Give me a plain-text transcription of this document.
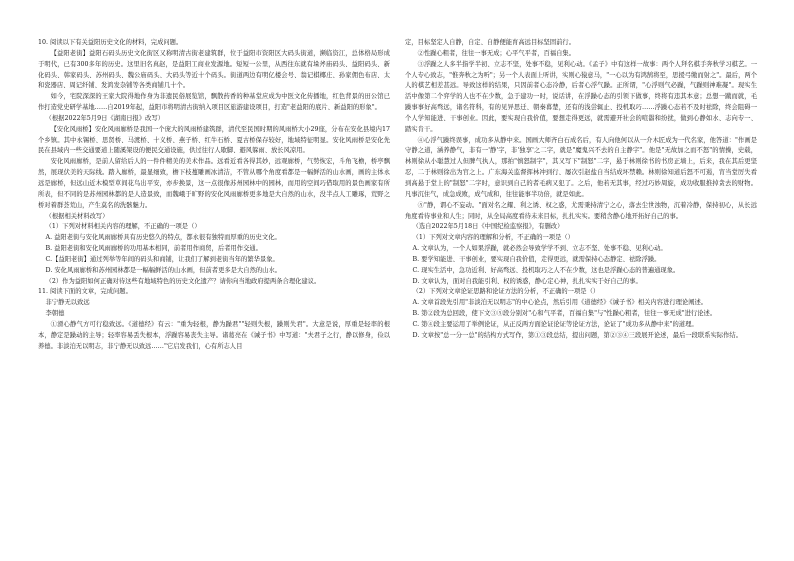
10. 阅读以下有关益阳历史文化的材料，完成问题。

【益阳老街】益阳石码头历史文化街区又称明清古街老建筑群，位于益阳市资阳区大码头街道，濒临资江，总体格局形成于明代，已有300多年的历史。这里旧名真赵，是益阳工商业发源地。短短一公里，从西往东就有垛斧庙码头、益阳码头、新化码头、韩家码头、苏州码头、魏公庙码头、大码头等近十个码头。街道两边有明亿楼会号、翁记棋椰庄、孙家佣色布店、太和瓷器店、周记纤铺、发鸿发杂铺等各类商铺几十个。

如今，宅院深深的王家大院得地作身为非遗民俗展览馆，飘散药香的种基堂应成为中医文化传播地，红色背景的田公馆已作打造党史研学基地……自2019年起，益阳市将明清古街纳入项目区旅游建设项目，打造"老益阳的底片、新益阳的形象"。

（根据2022年5月9日《湖南日报》改写）

【安化风雨桥】安化风雨廊桥是我国一个庞大的风雨桥建筑群，清代至民国时期的风雨桥大小29座，分布在安化县境内17个乡镇。其中永锡桥、思贤桥、马渡桥、十义桥、燕子桥、红牛石桥、夏古桥保存较好，地域特征明显。安化风雨桥是安化先民在县域内一些交通要道上随溪架设的便民交通设施，供过往行人歇脚、避风躲雨、放长风凉用。

安化风雨廊桥，是前人留给后人的一件件精美的美术作品。远看近看各得其妙，远观廊桥，气势恢宏，斗角飞檐，桥亭飘然，展现伏美的天际线。踏入廊桥，最显细致，檐下枝蔓雕画冰清洁，不管从哪个角度看都是一幅鲜活的山水画，画的主体永远是廊桥，但远山近木模型草间花鸟出平安，亦步换景，这一点很像苏州园林中的园林，而用的空间巧借取用的景色画家有所所表，但不同的是苏州园林都的是人造景致，而魏峨于旷野的安化风雨廊桥更多地是大自然的山水，没半点人工雕琢，荒野之桥对着群荟荒山，产生莫名的洗骸魅力。

（根据相关材料改写）

（1）下列对材料相关内容的理解，不正确的一项是（）

A. 益阳老街与安化风雨廊桥具有历史悠久的特点，都永很有独特而厚重的历史文化。

B. 益阳老街和安化风雨廊桥的功用基本相同，前者用作商贸，后者用作交通。

C.【益阳老街】通过列举等年间的码头和商铺，让我们了解到老街当年的繁华景象。

D. 安化风雨廊桥和苏州园林都是一幅幅鲜活的山水画，但前者更多是大自然的山水。

（2）作为益阳如何正确对待这些有地域特色的历史文化遗产？请你向当地政府提两条合理化建议。

11. 阅读下面的文章，完成问题。

非宁静无以致远

李朝德

①滑心静气方可行稳致远。《道德经》有云："重为轻根，静为躁君""轻则失根，躁则失君"。大意是说，厚重是轻率的根本，静定是躁动的主导；轻率容易丢失根本，浮躁容易丧失主导。诸葛亮在《诫子书》中写道："夫君子之行，静以修身，俭以养德。非淡泊无以明志，非宁静无以致远……"它启发我们，心有所志人目

定，目标坚定人自静，自定、自静便能育高远目标坚固前行。

②性躁心粗者，往往一事无成；心平气平者，百福自集。

③浮躁之人多半指学半初、立志不坚，处事不稳，见利心动。《孟子》中有这样一故事：两个人拜名棋手奔秋学习棋艺。一个人专心致志，"惟奔秋之为听"；另一个人表面上听讲，实则心猿意马，"一心以为有鸿鹄将至，思援弓缴而射之"。最后，两个人的棋艺相差甚远。导致这样的结果，只因前者心态冷静，后者心浮气躁。正所谓，"心浮则气必躁，气躁则神难凝"。现实生活中像第二个弈学的人也不在少数，急于建功一时，说话讲，在浮躁心态的引领下做事，终将有违其本意；总想一蹴而就，毛躁事事好高骛远，诸名符科，有的见异思迁、朝秦暮楚，还有的浅尝辄止、投机取巧……浮躁心态若不及时祛除，终会阻碍一个人学知能进、干事创业。因此，要实现自我价值，要想走得更远，就需避开社会的喧嚣和纷扰，做到心静如水、志向专一、踏实肯干。

④心浮气躁终误事，成功多从静中来。国画大师齐白石成名后，有人向他何以从一介木匠成为一代名家，他答道："作画是守静之道，涵养静气，非有一'静'字，非'独享'之二字，就是"魔鬼兴不去的自主静字"。他是"无故加之而不怒"的情操，史载，林则徐从小聪慧过人但脾气执人，那拍"慎怒制字"，其又写下"制怒"二字，悬于林则徐书的书房正墙上，后来，我在其后更坚忍，二于林则徐出为官之上。广东海关监督挥林冲到行、屡次引赵盐自当结成坏禁赖。林则徐知道后怒不可遏，宵当堂厉失看到高悬于堂上的"制怒"二字时，意识到自己的者毛病又犯了。之后，他若无其事，经过巧妙周旋，成功收服推掉贪去的财物。凡事沉住气，成急成败，成气成和，往往能事半功倍，就是如此。

⑤"静，谓心不妄动。"面对名之耀、利之诱、权之惑，尤需秉持清宁之心，落去尘世浊物，沉着冷静，保持初心，从长远角度看待事业和人生；同时，从全局高度看待未来目标，扎扎实实。要稍含静心地开拓好自己的事。

（选自2022年5月18日《中国纪检监察报》，有删改）

（1）下列对文章内容的理解和分析，不正确的一项是（）

A. 文章认为，一个人如果浮躁，就必然会导致学学不到、立志不坚、处事不稳、见利心动。

B. 要学知能进、干事创业，要实现自我价值，走得更远，就需保持心态静定、祛除浮躁。

C. 现实生活中，急功近利、好高骛远、投机取巧之人不在少数，这也是浮躁心态的普遍通现象。

D. 文章认为，面对自我能引利、权的诱惑，静心定心神，扎扎实实于好自己的事。

（2）下列对文章论证思路和论证方法的分析，不正确的一项是（）

A. 文章首段先引用"非淡泊无以明志"的中心论点，然后引用《道德经》《诫子书》相关内容进行理论阐述。

B. 第②段为总回段，使下文③⑤段分别对"心和气平者，百福自集"与"性躁心粗者，往往一事无成"进行论述。

C. 第④段主要运用了举例论证，从正反两方面论证论证等论证方法，论证了"成功多从静中来"的道理。

D. 文章按"总一分一总"的结构方式写作，第①③段总结，提出问题，第②③④三段展开论述，最后一段联系实际作结。
